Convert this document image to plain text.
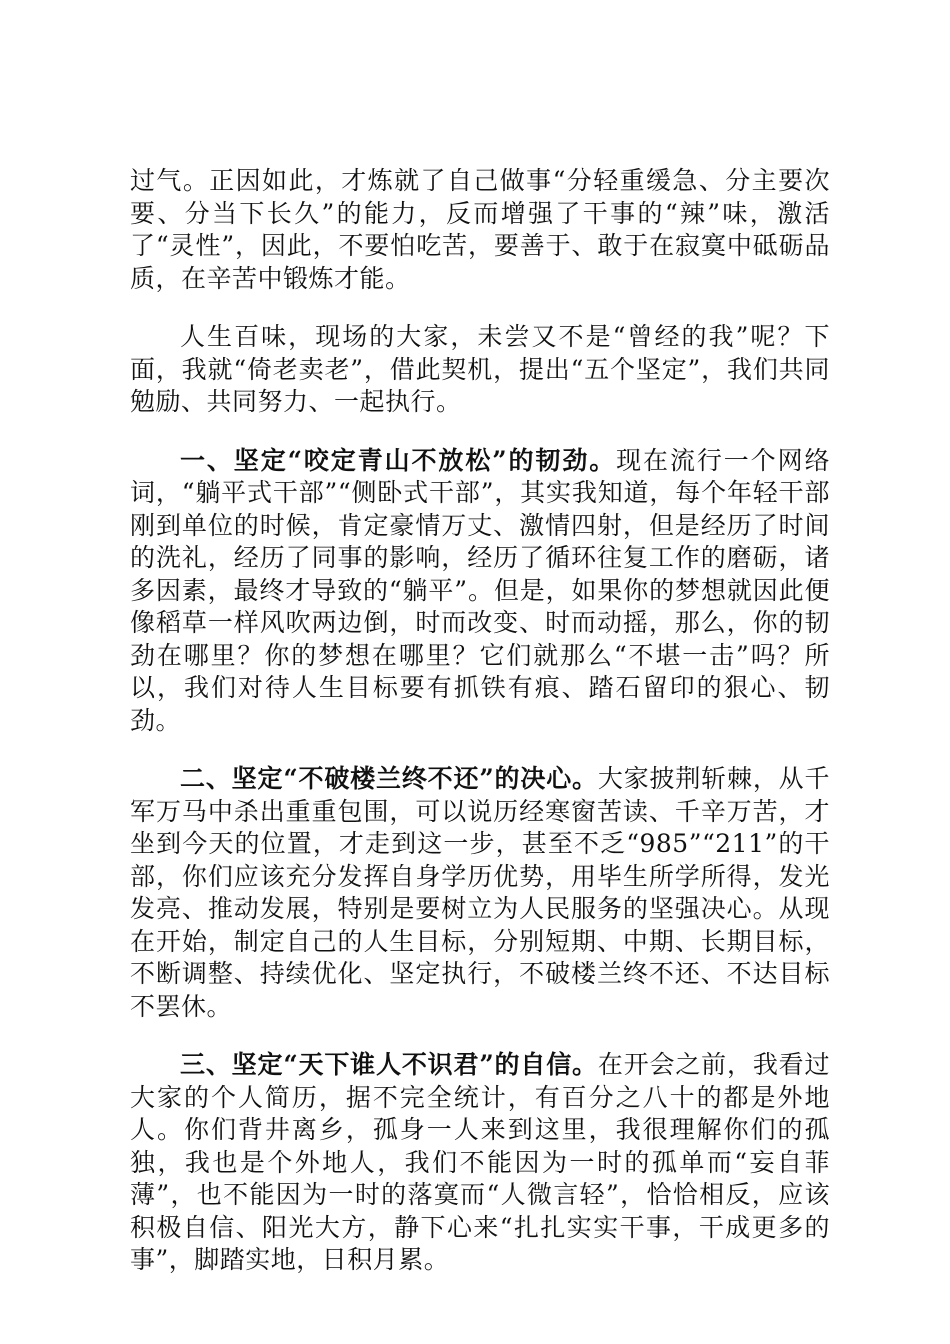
过气。正因如此，才炼就了自己做事“分轻重缓急、分主要次要、分当下长久”的能力，反而增强了干事的“辣”味，激活了“灵性”，因此，不要怕吃苦，要善于、敢于在寂寞中砥砺品质，在辛苦中锻炼才能。

人生百味，现场的大家，未尝又不是“曾经的我”呢？下面，我就“倚老卖老”，借此契机，提出“五个坚定”，我们共同勉励、共同努力、一起执行。

一、坚定“咬定青山不放松”的韧劲。现在流行一个网络词，“躺平式干部”“侧卧式干部”，其实我知道，每个年轻干部刚到单位的时候，肯定豪情万丈、激情四射，但是经历了时间的洗礼，经历了同事的影响，经历了循环往复工作的磨砺，诸多因素，最终才导致的“躺平”。但是，如果你的梦想就因此便像稻草一样风吹两边倒，时而改变、时而动摇，那么，你的韧劲在哪里？你的梦想在哪里？它们就那么“不堪一击”吗？所以，我们对待人生目标要有抓铁有痕、踏石留印的狠心、韧劲。

二、坚定“不破楼兰终不还”的决心。大家披荆斩棘，从千军万马中杀出重重包围，可以说历经寒窗苦读、千辛万苦，才坐到今天的位置，才走到这一步，甚至不乏“985”“211”的干部，你们应该充分发挥自身学历优势，用毕生所学所得，发光发亮、推动发展，特别是要树立为人民服务的坚强决心。从现在开始，制定自己的人生目标，分别短期、中期、长期目标，不断调整、持续优化、坚定执行，不破楼兰终不还、不达目标不罢休。

三、坚定“天下谁人不识君”的自信。在开会之前，我看过大家的个人简历，据不完全统计，有百分之八十的都是外地人。你们背井离乡，孤身一人来到这里，我很理解你们的孤独，我也是个外地人，我们不能因为一时的孤单而“妄自菲薄”，也不能因为一时的落寞而“人微言轻”，恰恰相反，应该积极自信、阳光大方，静下心来“扎扎实实干事，干成更多的事”，脚踏实地，日积月累。
